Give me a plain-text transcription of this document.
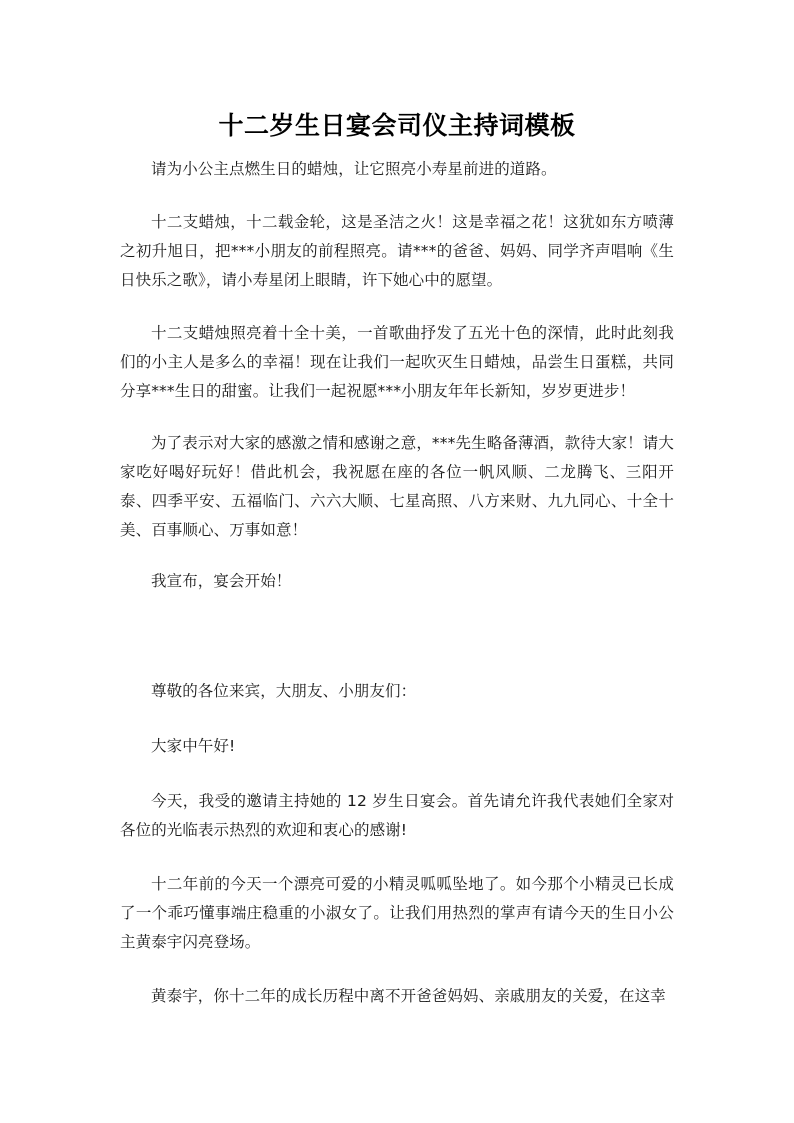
十二岁生日宴会司仪主持词模板

请为小公主点燃生日的蜡烛，让它照亮小寿星前进的道路。

十二支蜡烛，十二载金轮，这是圣洁之火！这是幸福之花！这犹如东方喷薄之初升旭日，把***小朋友的前程照亮。请***的爸爸、妈妈、同学齐声唱响《生日快乐之歌》，请小寿星闭上眼睛，许下她心中的愿望。

十二支蜡烛照亮着十全十美，一首歌曲抒发了五光十色的深情，此时此刻我们的小主人是多么的幸福！现在让我们一起吹灭生日蜡烛，品尝生日蛋糕，共同分享***生日的甜蜜。让我们一起祝愿***小朋友年年长新知，岁岁更进步！

为了表示对大家的感激之情和感谢之意，***先生略备薄酒，款待大家！请大家吃好喝好玩好！借此机会，我祝愿在座的各位一帆风顺、二龙腾飞、三阳开泰、四季平安、五福临门、六六大顺、七星高照、八方来财、九九同心、十全十美、百事顺心、万事如意！

我宣布，宴会开始！

尊敬的各位来宾，大朋友、小朋友们：

大家中午好!

今天，我受的邀请主持她的 12 岁生日宴会。首先请允许我代表她们全家对各位的光临表示热烈的欢迎和衷心的感谢!

十二年前的今天一个漂亮可爱的小精灵呱呱坠地了。如今那个小精灵已长成了一个乖巧懂事端庄稳重的小淑女了。让我们用热烈的掌声有请今天的生日小公主黄泰宇闪亮登场。

黄泰宇，你十二年的成长历程中离不开爸爸妈妈、亲戚朋友的关爱，在这幸
